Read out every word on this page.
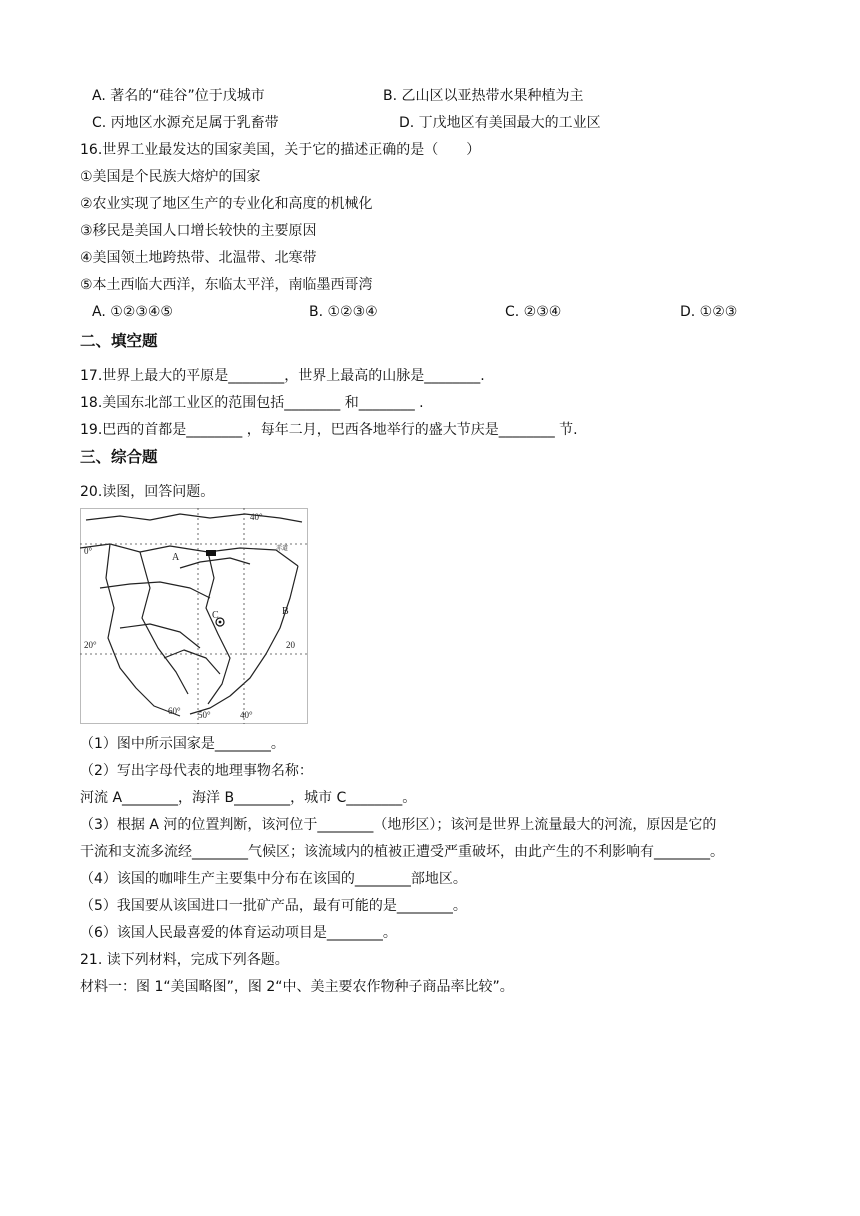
A. 著名的“硅谷”位于戊城市	B. 乙山区以亚热带水果种植为主
C. 丙地区水源充足属于乳畜带	D. 丁戊地区有美国最大的工业区
16.世界工业最发达的国家美国，关于它的描述正确的是（　　）
①美国是个民族大熔炉的国家
②农业实现了地区生产的专业化和高度的机械化
③移民是美国人口增长较快的主要原因
④美国领土地跨热带、北温带、北寒带
⑤本土西临大西洋，东临太平洋，南临墨西哥湾
A. ①②③④⑤	B. ①②③④	C. ②③④	D. ①②③
二、填空题
17.世界上最大的平原是________，世界上最高的山脉是________.
18.美国东北部工业区的范围包括________ 和________ .
19.巴西的首都是________ ，每年二月，巴西各地举行的盛大节庆是________ 节.
三、综合题
20.读图，回答问题。
0°
20°
40°
40°
50°
60°
20
赤道
A
B
C
（1）图中所示国家是________。
（2）写出字母代表的地理事物名称：
河流 A________，海洋 B________，城市 C________。
（3）根据 A 河的位置判断，该河位于________（地形区）；该河是世界上流量最大的河流，原因是它的
干流和支流多流经________气候区；该流域内的植被正遭受严重破坏，由此产生的不利影响有________。
（4）该国的咖啡生产主要集中分布在该国的________部地区。
（5）我国要从该国进口一批矿产品，最有可能的是________。
（6）该国人民最喜爱的体育运动项目是________。
21. 读下列材料，完成下列各题。
材料一：图 1“美国略图”，图 2“中、美主要农作物种子商品率比较”。
